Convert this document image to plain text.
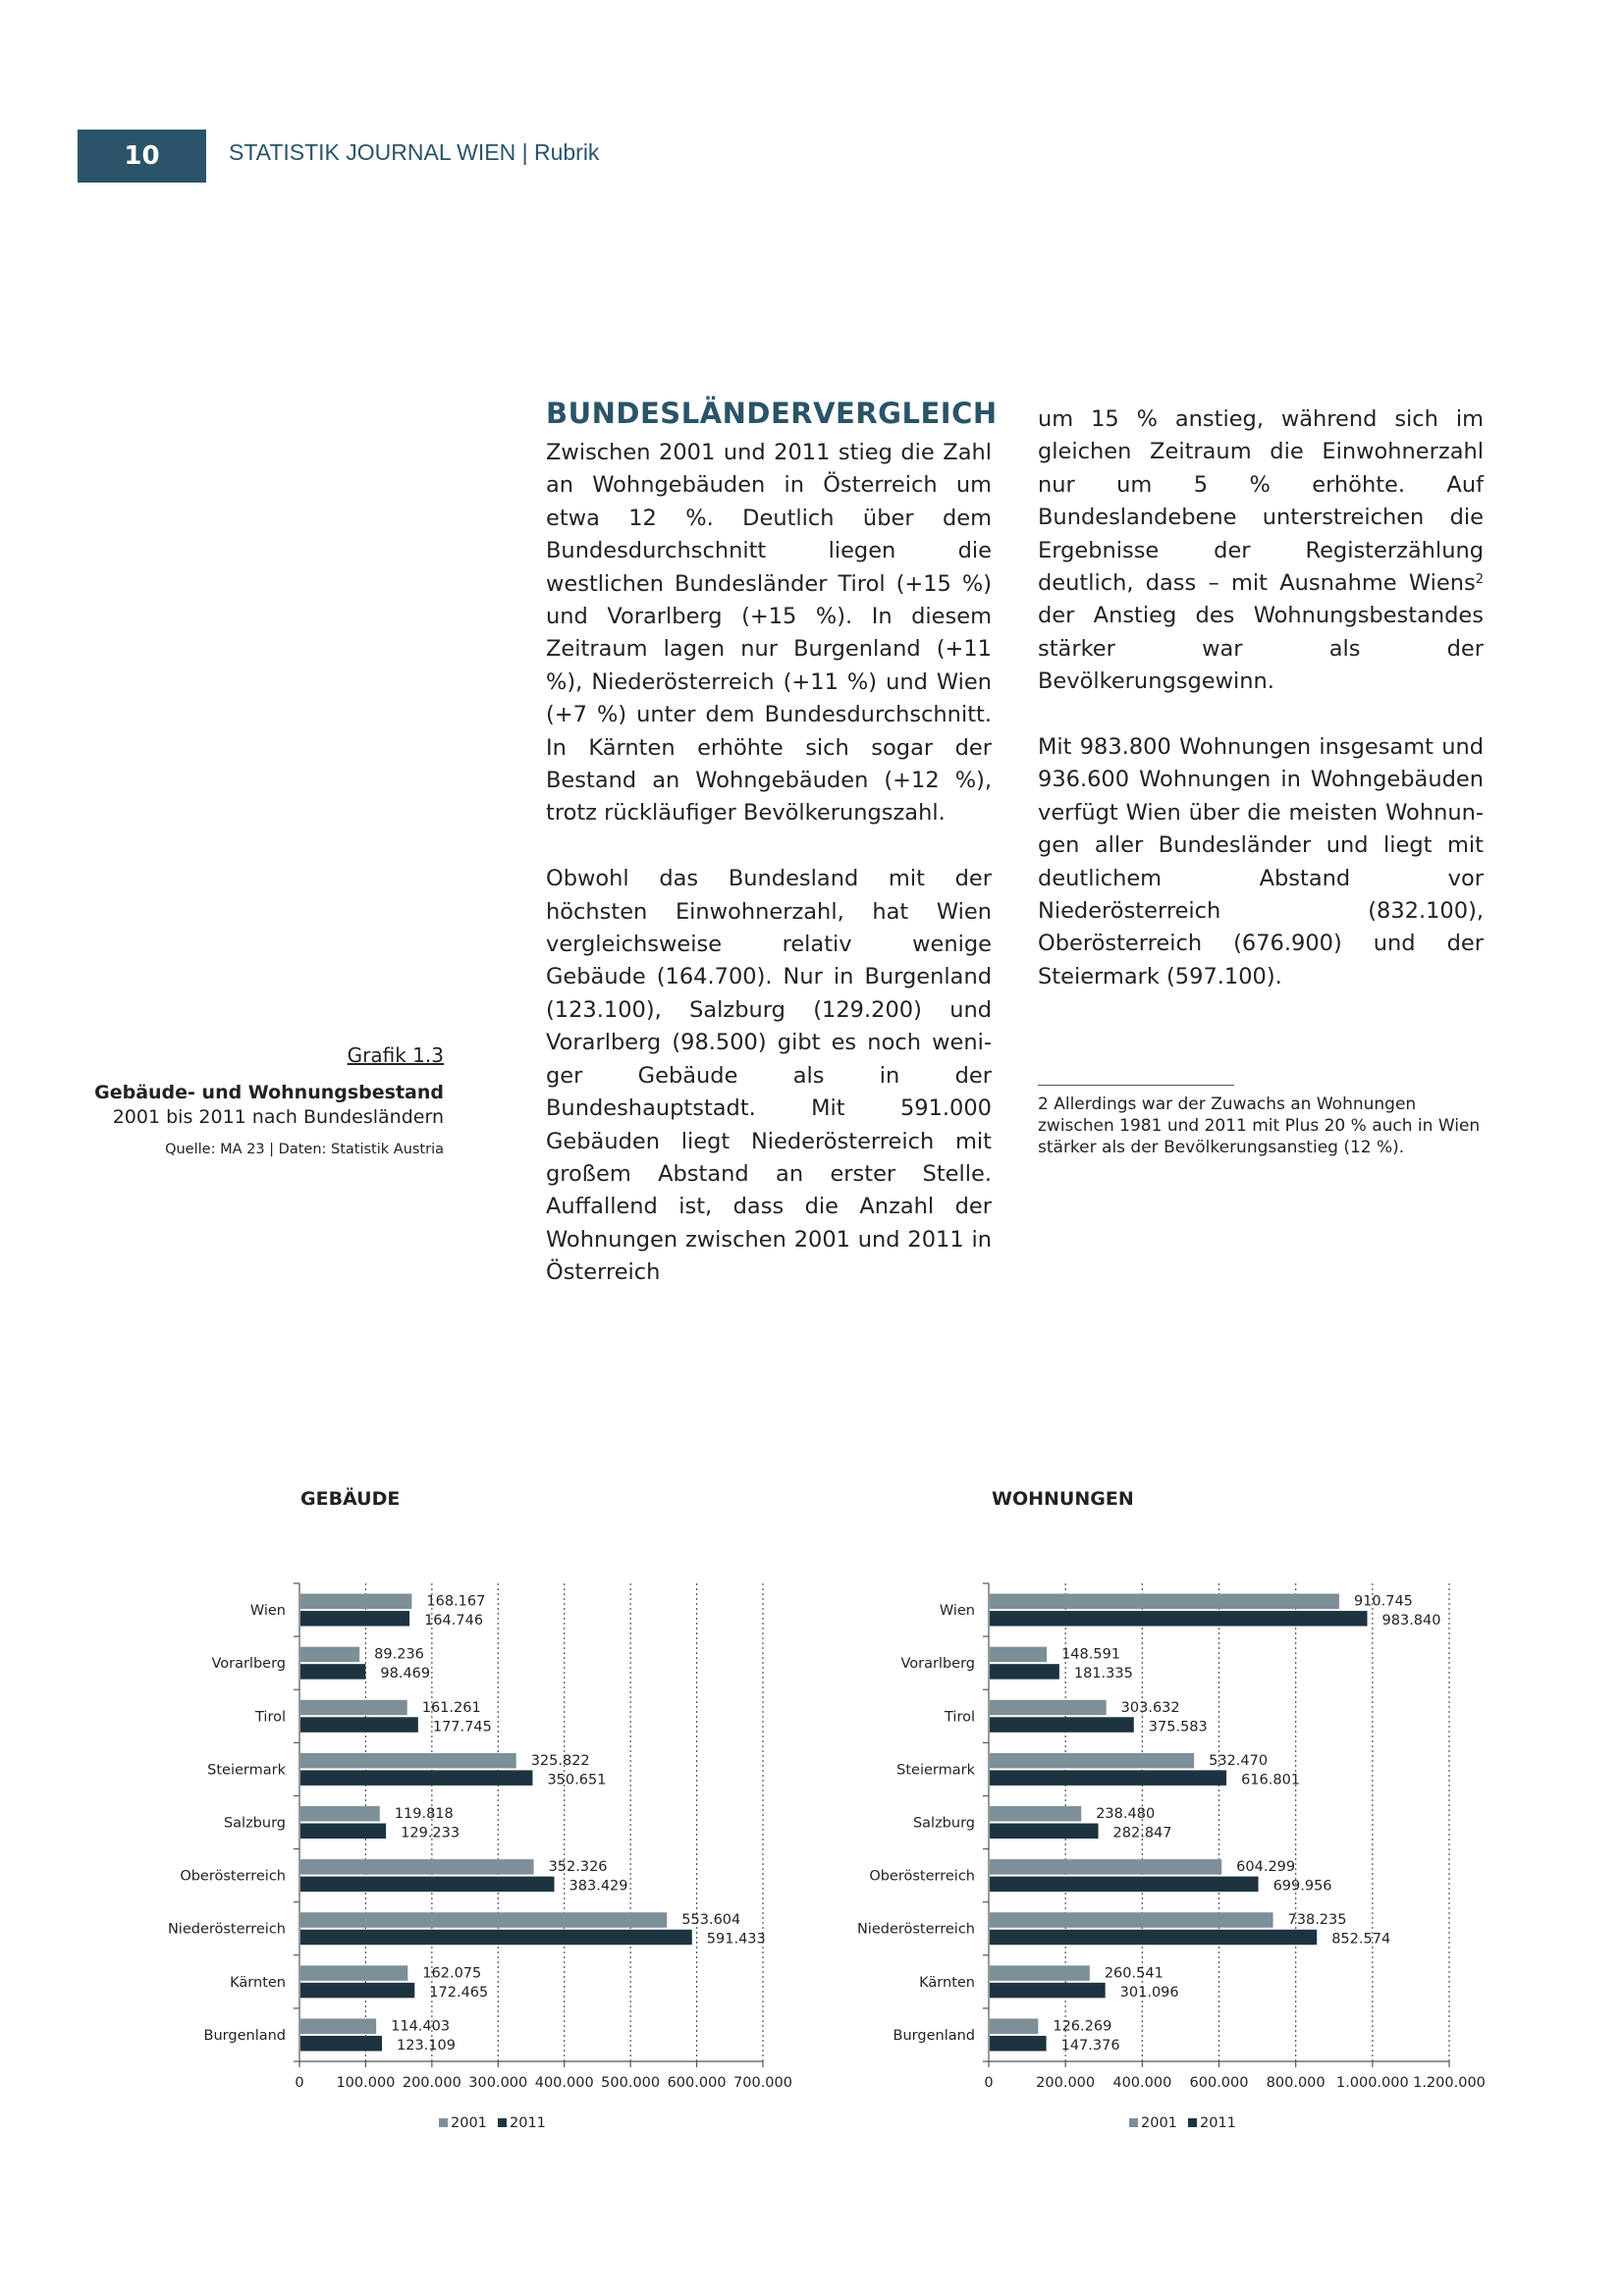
10	STATISTIK JOURNAL WIEN | Rubrik
BUNDESLÄNDERVERGLEICH

Zwischen 2001 und 2011 stieg die Zahl an Wohngebäuden in Österreich um etwa 12 %. Deutlich über dem Bundesdurchschnitt liegen die westlichen Bundesländer Tirol (+15 %) und Vorarlberg (+15 %). In diesem Zeitraum lagen nur Burgenland (+11 %), Niederösterreich (+11 %) und Wien (+7 %) unter dem Bundesdurchschnitt. In Kärnten erhöhte sich sogar der Bestand an Wohngebäuden (+12 %), trotz rückläufiger Bevölkerungszahl.

Obwohl das Bundesland mit der höchsten Einwohnerzahl, hat Wien vergleichsweise relativ wenige Gebäude (164.700). Nur in Burgenland (123.100), Salzburg (129.200) und Vorarlberg (98.500) gibt es noch weniger Gebäude als in der Bundeshauptstadt. Mit 591.000 Gebäuden liegt Niederösterreich mit großem Abstand an erster Stelle. Auffallend ist, dass die Anzahl der Wohnungen zwischen 2001 und 2011 in Österreich

um 15 % anstieg, während sich im gleichen Zeitraum die Einwohnerzahl nur um 5 % erhöhte. Auf Bundeslandebene unterstreichen die Ergebnisse der Registerzählung deutlich, dass – mit Ausnahme Wiens$^2$ der Anstieg des Wohnungsbestandes stärker war als der Bevölkerungsgewinn.

Mit 983.800 Wohnungen insgesamt und 936.600 Wohnungen in Wohngebäuden verfügt Wien über die meisten Wohnungen aller Bundesländer und liegt mit deutlichem Abstand vor Niederösterreich (832.100), Oberösterreich (676.900) und der Steiermark (597.100).

Grafik 1.3
Gebäude- und Wohnungsbestand
2001 bis 2011 nach Bundesländern
Quelle: MA 23 | Daten: Statistik Austria
2 Allerdings war der Zuwachs an Wohnungen zwischen 1981 und 2011 mit Plus 20 % auch in Wien stärker als der Bevölkerungsanstieg (12 %).
GEBÄUDE	WOHNUNGEN
0 100.000 200.000 300.000 400.000 500.000 600.000 700.000
Wien
168.167
164.746
Vorarlberg
89.236
98.469
Tirol
161.261
177.745
Steiermark
325.822
350.651
Salzburg
119.818
129.233
Oberösterreich
352.326
383.429
Niederösterreich
553.604
591.433
Kärnten
162.075
172.465
Burgenland
114.403
123.109
2001 2011
0	200.000 400.000 600.000 800.000 1.000.000 1.200.000
Wien
910.745
983.840
Vorarlberg
148.591
181.335
Tirol
303.632
375.583
Steiermark
532.470
616.801
Salzburg
238.480
282.847
Oberösterreich
604.299
699.956
Niederösterreich
738.235
852.574
Kärnten
260.541
301.096
Burgenland
126.269
147.376
2001 2011
